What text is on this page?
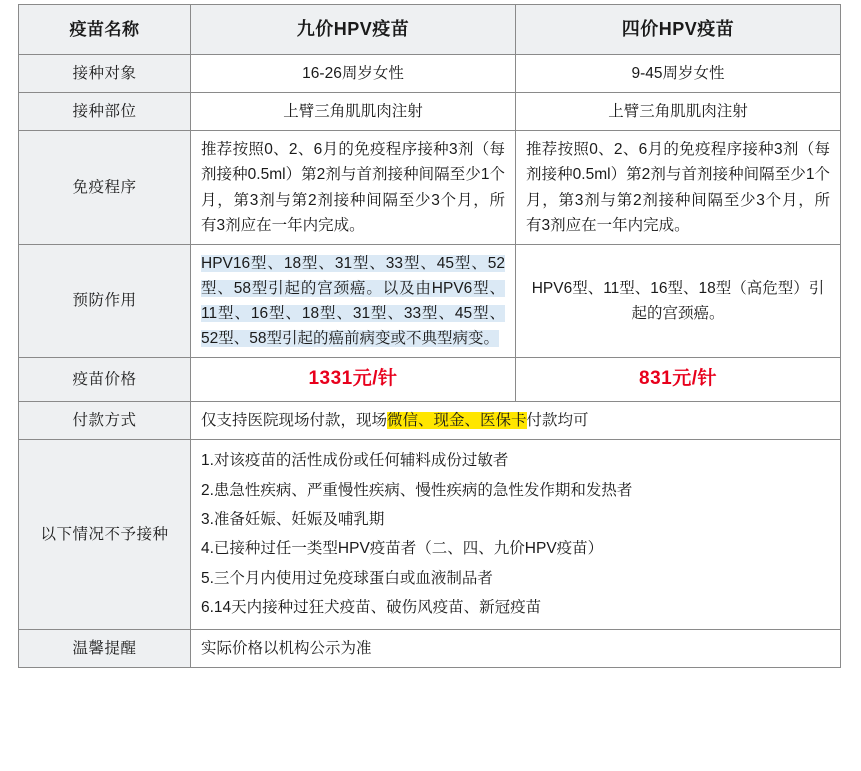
疫苗名称	九价HPV疫苗	四价HPV疫苗
接种对象	16-26周岁女性	9-45周岁女性
接种部位	上臂三角肌肌肉注射	上臂三角肌肌肉注射
免疫程序	推荐按照0、2、6月的免疫程序接种3剂（每剂接种0.5ml）第2剂与首剂接种间隔至少1个月，第3剂与第2剂接种间隔至少3个月，所有3剂应在一年内完成。	推荐按照0、2、6月的免疫程序接种3剂（每剂接种0.5ml）第2剂与首剂接种间隔至少1个月，第3剂与第2剂接种间隔至少3个月，所有3剂应在一年内完成。
预防作用	HPV16型、18型、31型、33型、45型、52型、58型引起的宫颈癌。以及由HPV6型、11型、16型、18型、31型、33型、45型、52型、58型引起的癌前病变或不典型病变。	HPV6型、11型、16型、18型（高危型）引起的宫颈癌。
疫苗价格	1331元/针	831元/针
付款方式	仅支持医院现场付款，现场微信、现金、医保卡付款均可	
以下情况不予接种	
1.对该疫苗的活性成份或任何辅料成份过敏者
2.患急性疾病、严重慢性疾病、慢性疾病的急性发作期和发热者
3.准备妊娠、妊娠及哺乳期
4.已接种过任一类型HPV疫苗者（二、四、九价HPV疫苗）
5.三个月内使用过免疫球蛋白或血液制品者
6.14天内接种过狂犬疫苗、破伤风疫苗、新冠疫苗

温馨提醒	实际价格以机构公示为准	
